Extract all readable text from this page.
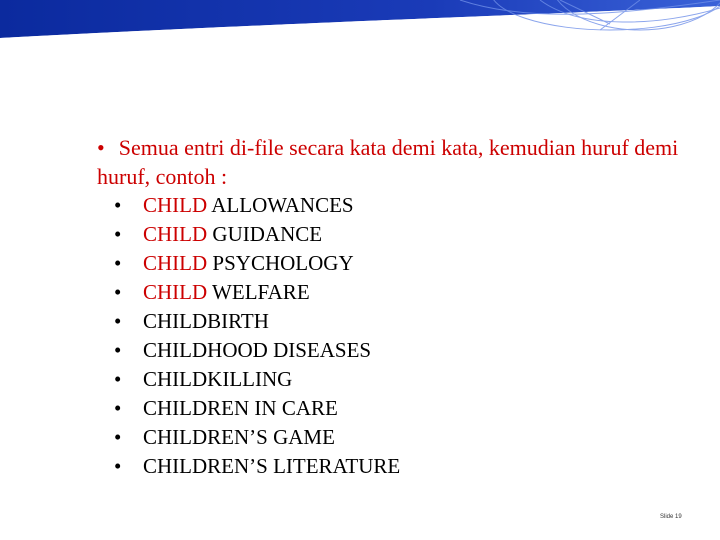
• Semua entri di-file secara kata demi kata, kemudian huruf demi huruf, contoh :
• CHILD ALLOWANCES
• CHILD GUIDANCE
• CHILD PSYCHOLOGY
• CHILD WELFARE
• CHILDBIRTH
• CHILDHOOD DISEASES
• CHILDKILLING
• CHILDREN IN CARE
• CHILDREN’S GAME
• CHILDREN’S LITERATURE
Slide 19
